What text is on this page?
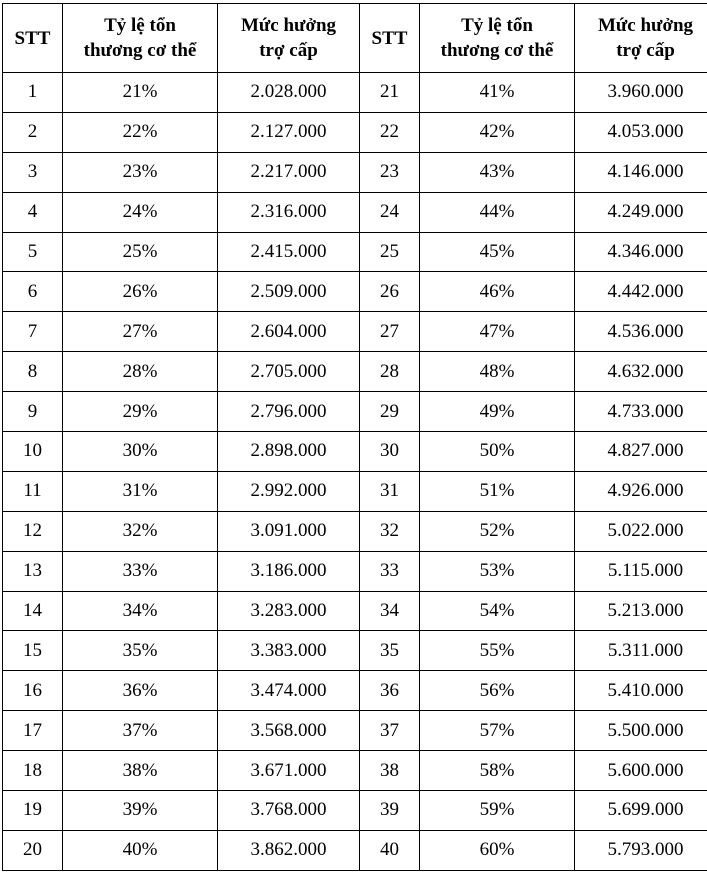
STT	Tỷ lệ tổn
thương cơ thể	Mức hưởng
trợ cấp	STT	Tỷ lệ tổn
thương cơ thể	Mức hưởng
trợ cấp

1	21%	2.028.000	21	41%	3.960.000
2	22%	2.127.000	22	42%	4.053.000
3	23%	2.217.000	23	43%	4.146.000
4	24%	2.316.000	24	44%	4.249.000
5	25%	2.415.000	25	45%	4.346.000
6	26%	2.509.000	26	46%	4.442.000
7	27%	2.604.000	27	47%	4.536.000
8	28%	2.705.000	28	48%	4.632.000
9	29%	2.796.000	29	49%	4.733.000
10	30%	2.898.000	30	50%	4.827.000
11	31%	2.992.000	31	51%	4.926.000
12	32%	3.091.000	32	52%	5.022.000
13	33%	3.186.000	33	53%	5.115.000
14	34%	3.283.000	34	54%	5.213.000
15	35%	3.383.000	35	55%	5.311.000
16	36%	3.474.000	36	56%	5.410.000
17	37%	3.568.000	37	57%	5.500.000
18	38%	3.671.000	38	58%	5.600.000
19	39%	3.768.000	39	59%	5.699.000
20	40%	3.862.000	40	60%	5.793.000
